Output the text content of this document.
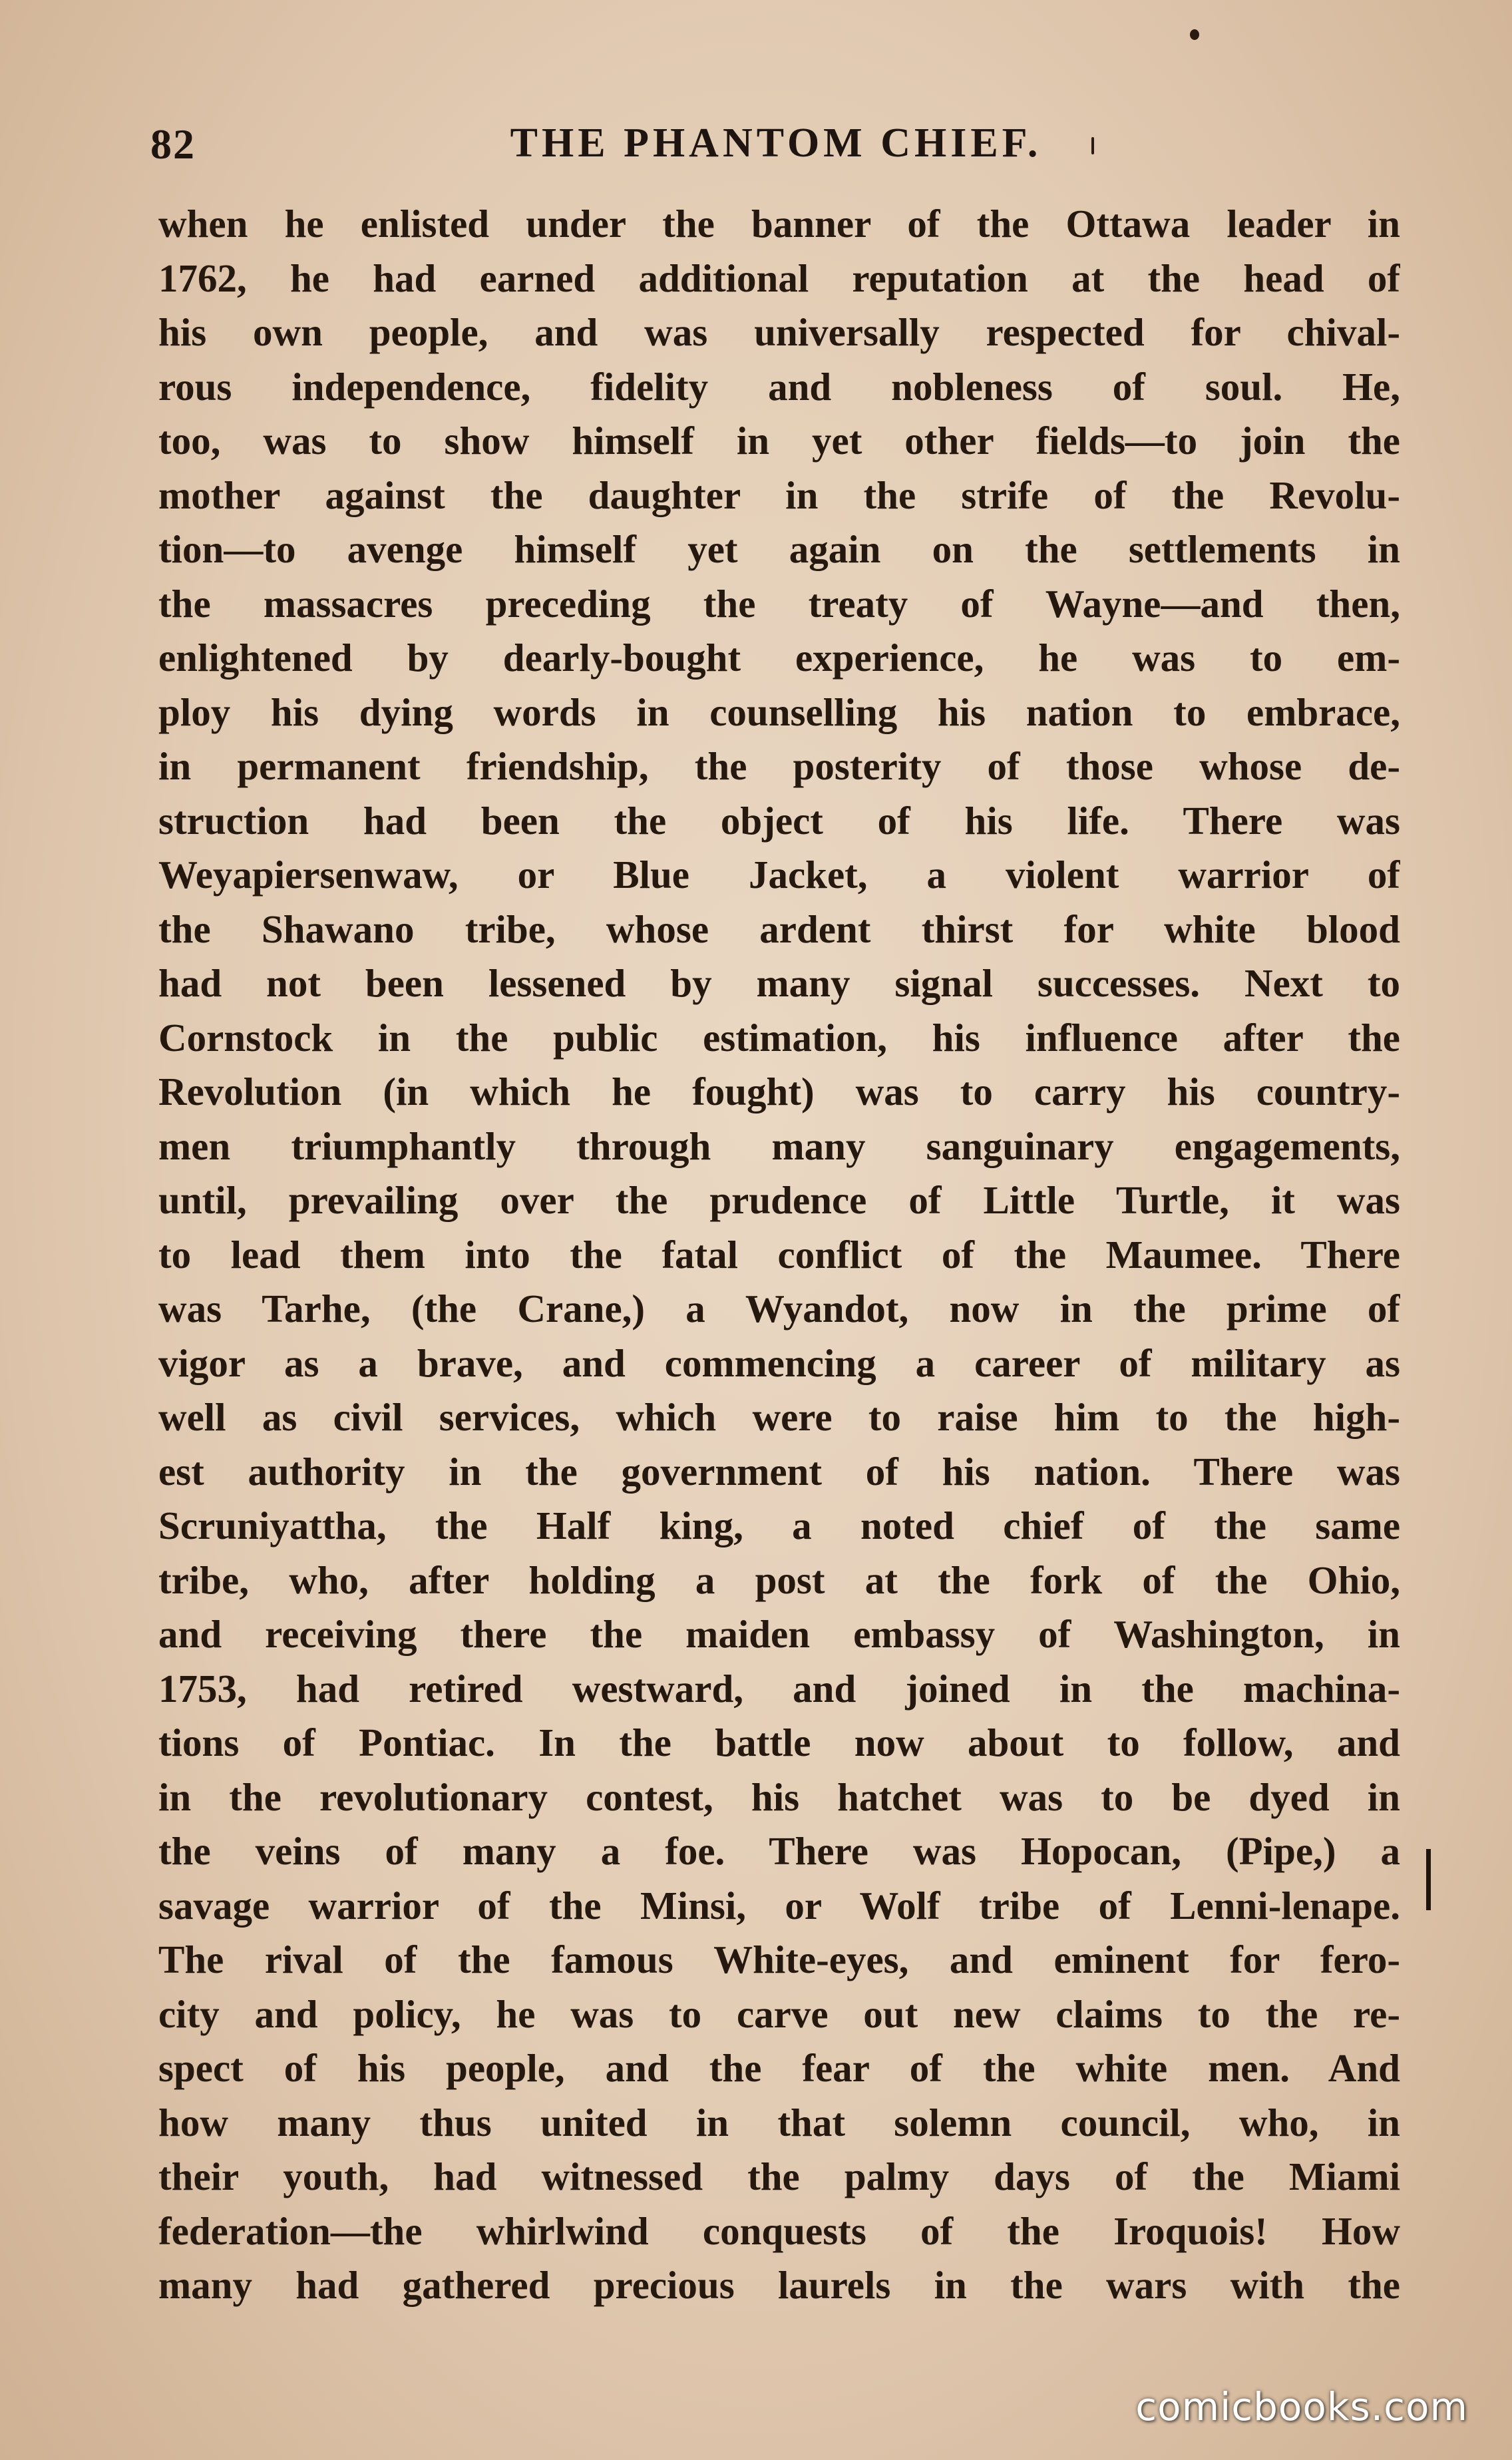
82	THE PHANTOM CHIEF.
when he enlisted under the banner of the Ottawa leader in
1762, he had earned additional reputation at the head of
his own people, and was universally respected for chival-
rous independence, fidelity and nobleness of soul. He,
too, was to show himself in yet other fields—to join the
mother against the daughter in the strife of the Revolu-
tion—to avenge himself yet again on the settlements in
the massacres preceding the treaty of Wayne—and then,
enlightened by dearly-bought experience, he was to em-
ploy his dying words in counselling his nation to embrace,
in permanent friendship, the posterity of those whose de-
struction had been the object of his life. There was
Weyapiersenwaw, or Blue Jacket, a violent warrior of
the Shawano tribe, whose ardent thirst for white blood
had not been lessened by many signal successes. Next to
Cornstock in the public estimation, his influence after the
Revolution (in which he fought) was to carry his country-
men triumphantly through many sanguinary engagements,
until, prevailing over the prudence of Little Turtle, it was
to lead them into the fatal conflict of the Maumee. There
was Tarhe, (the Crane,) a Wyandot, now in the prime of
vigor as a brave, and commencing a career of military as
well as civil services, which were to raise him to the high-
est authority in the government of his nation. There was
Scruniyattha, the Half king, a noted chief of the same
tribe, who, after holding a post at the fork of the Ohio,
and receiving there the maiden embassy of Washington, in
1753, had retired westward, and joined in the machina-
tions of Pontiac. In the battle now about to follow, and
in the revolutionary contest, his hatchet was to be dyed in
the veins of many a foe. There was Hopocan, (Pipe,) a
savage warrior of the Minsi, or Wolf tribe of Lenni-lenape.
The rival of the famous White-eyes, and eminent for fero-
city and policy, he was to carve out new claims to the re-
spect of his people, and the fear of the white men. And
how many thus united in that solemn council, who, in
their youth, had witnessed the palmy days of the Miami
federation—the whirlwind conquests of the Iroquois! How
many had gathered precious laurels in the wars with the
comicbooks.com
